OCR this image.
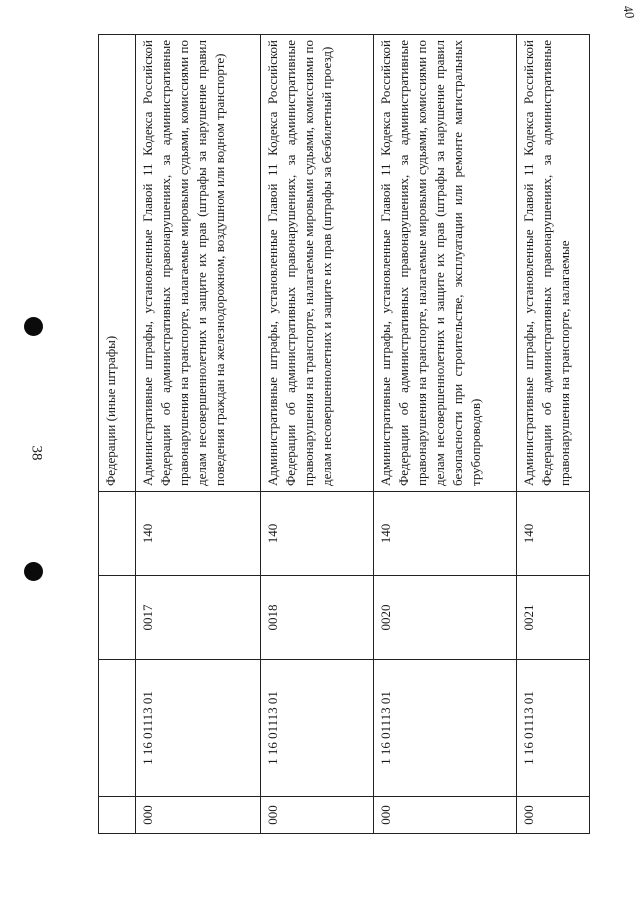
38
40
				Федерации (иные штрафы)
000	1 16 01113 01	0017	140	Административные штрафы, установленные Главой 11 Кодекса Российской Федерации об административных правонарушениях, за административные правонарушения на транспорте, налагаемые мировыми судьями, комиссиями по делам несовершеннолетних и защите их прав (штрафы за нарушение правил поведения граждан на железнодорожном, воздушном или водном транспорте)
000	1 16 01113 01	0018	140	Административные штрафы, установленные Главой 11 Кодекса Российской Федерации об административных правонарушениях, за административные правонарушения на транспорте, налагаемые мировыми судьями, комиссиями по делам несовершеннолетних и защите их прав (штрафы за безбилетный проезд)
000	1 16 01113 01	0020	140	Административные штрафы, установленные Главой 11 Кодекса Российской Федерации об административных правонарушениях, за административные правонарушения на транспорте, налагаемые мировыми судьями, комиссиями по делам несовершеннолетних и защите их прав (штрафы за нарушение правил безопасности при строительстве, эксплуатации или ремонте магистральных трубопроводов)
000	1 16 01113 01	0021	140	Административные штрафы, установленные Главой 11 Кодекса Российской Федерации об административных правонарушениях, за административные правонарушения на транспорте, налагаемые
